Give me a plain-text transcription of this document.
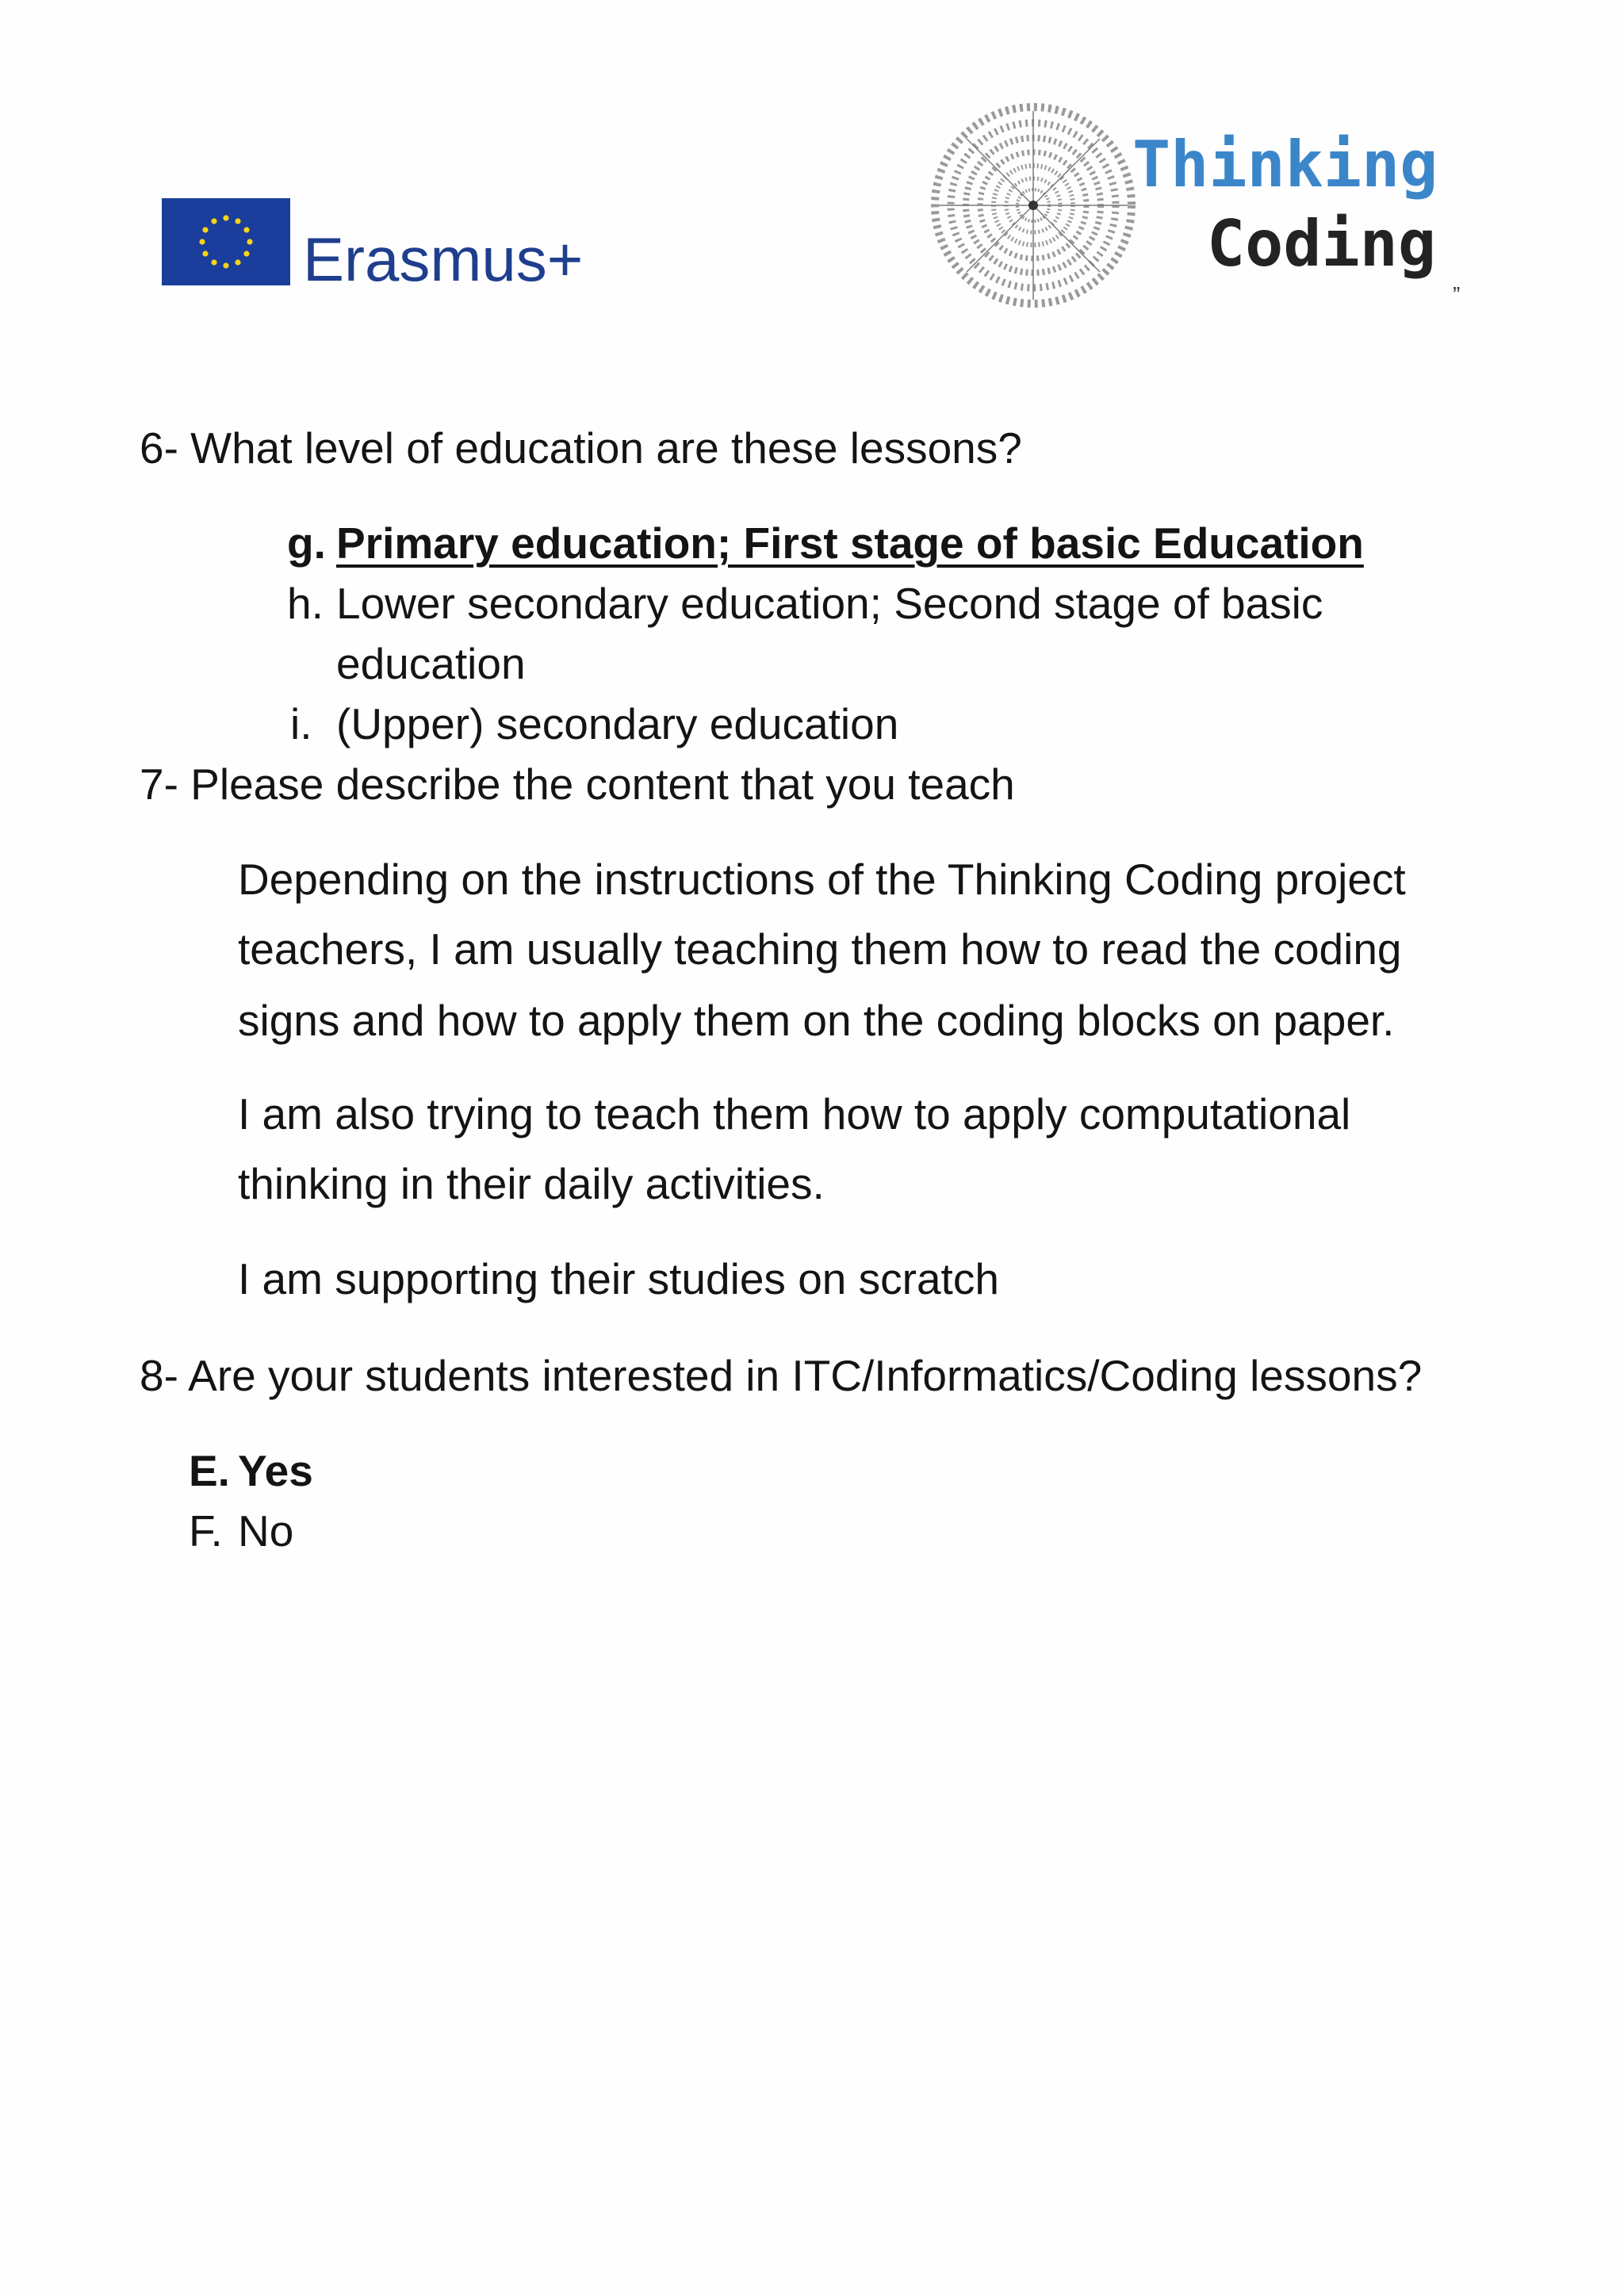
Erasmus+
Thinking
Coding
”
6- What level of education are these lessons?
g. Primary education; First stage of basic Education
h. Lower secondary education; Second stage of basic
education
i. (Upper) secondary education
7- Please describe the content that you teach
Depending on the instructions of the Thinking Coding project
teachers, I am usually teaching them how to read the coding
signs and how to apply them on the coding blocks on paper.
I am also trying to teach them how to apply computational
thinking in their daily activities.
I am supporting their studies on scratch
8- Are your students interested in ITC/Informatics/Coding lessons?
E. Yes
F. No
